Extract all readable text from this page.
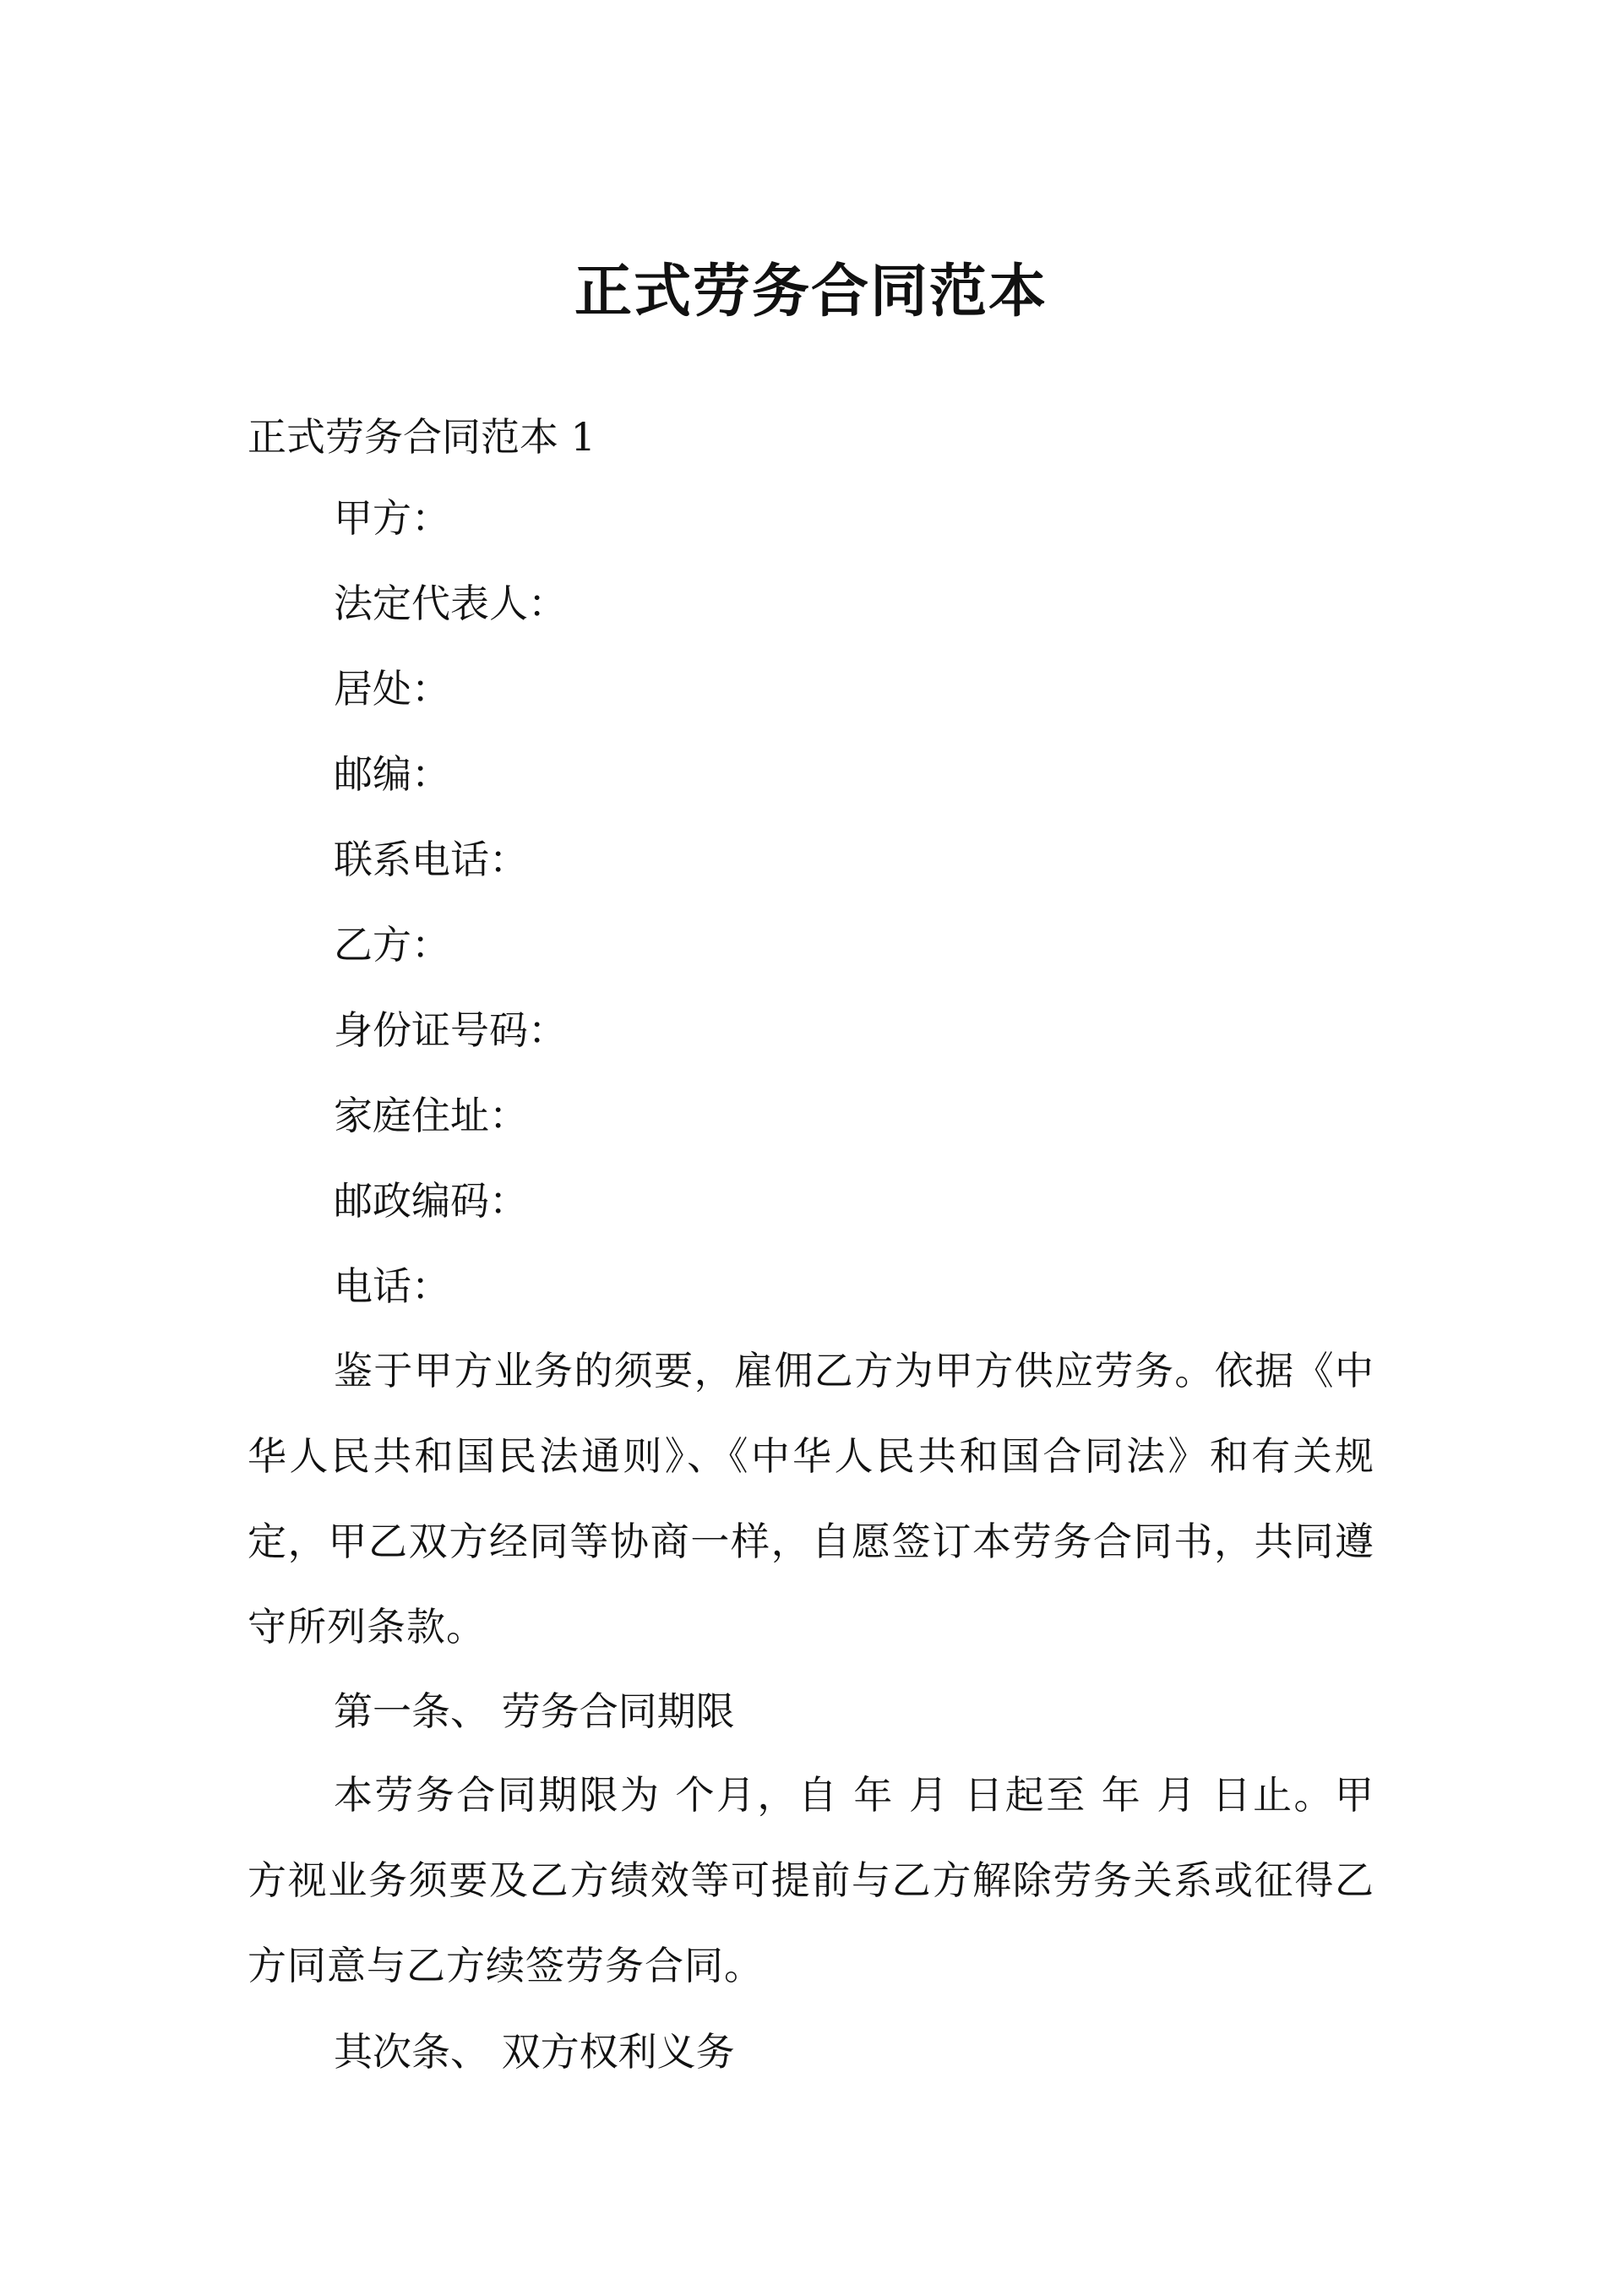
正式劳务合同范本
正式劳务合同范本 1
甲方：
法定代表人：
居处：
邮编：
联系电话：
乙方：
身份证号码：
家庭住址：
邮政编码：
电话：
鉴于甲方业务的须要，雇佣乙方为甲方供应劳务。依据《中华人民共和国民法通则》、《中华人民共和国合同法》和有关规定，甲乙双方经同等协商一样，自愿签订本劳务合同书，共同遵守所列条款。
第一条、 劳务合同期限
本劳务合同期限为 个月，自 年 月 日起至 年 月 日止。甲方视业务须要及乙方绩效等可提前与乙方解除劳务关系或征得乙方同意与乙方续签劳务合同。
其次条、 双方权利义务
